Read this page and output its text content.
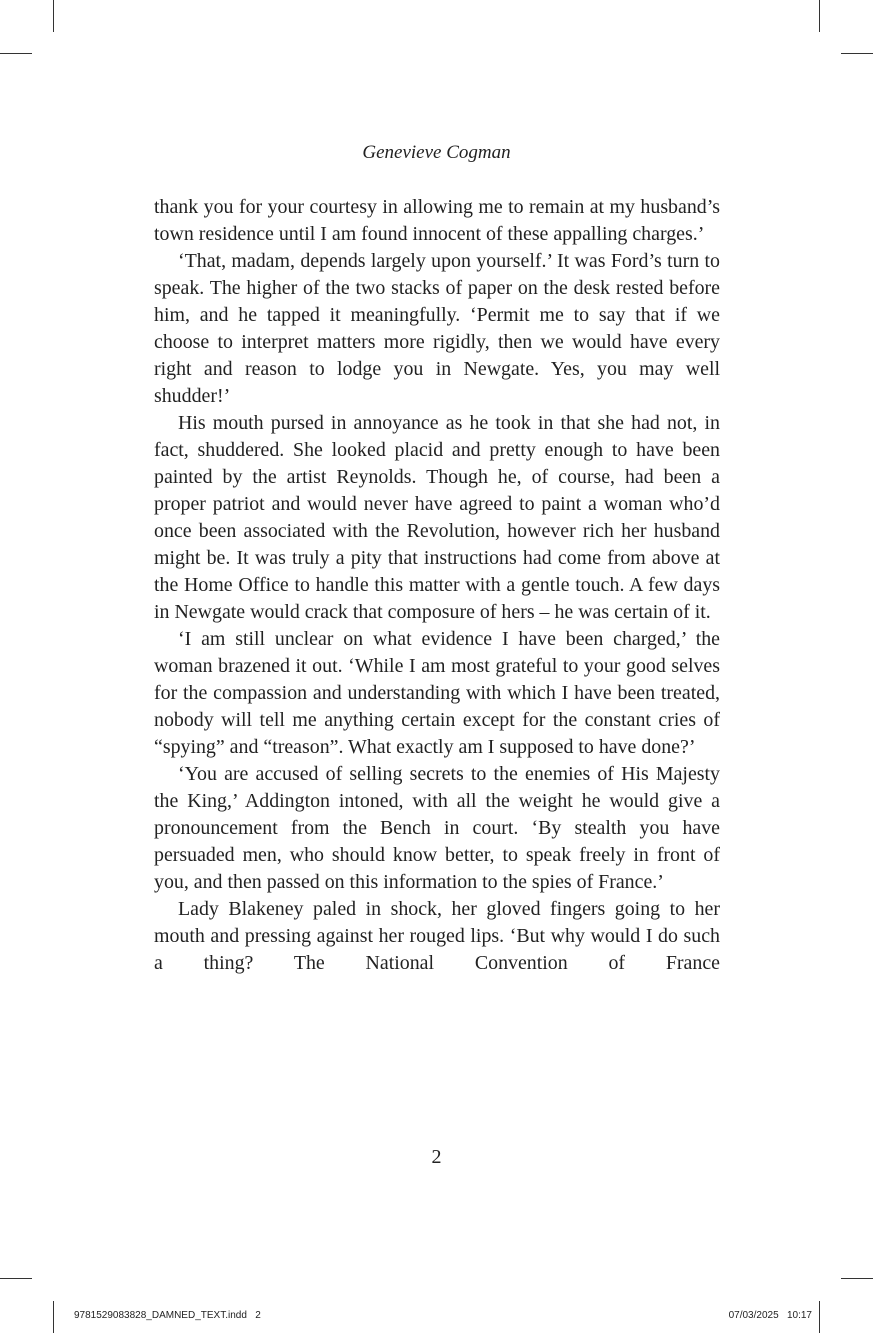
Genevieve Cogman

thank you for your courtesy in allowing me to remain at my husband’s town residence until I am found innocent of these appalling charges.’

‘That, madam, depends largely upon yourself.’ It was Ford’s turn to speak. The higher of the two stacks of paper on the desk rested before him, and he tapped it meaningfully. ‘Permit me to say that if we choose to interpret matters more rigidly, then we would have every right and reason to lodge you in Newgate. Yes, you may well shudder!’

His mouth pursed in annoyance as he took in that she had not, in fact, shuddered. She looked placid and pretty enough to have been painted by the artist Reynolds. Though he, of course, had been a proper patriot and would never have agreed to paint a woman who’d once been associated with the Revolution, however rich her husband might be. It was truly a pity that instructions had come from above at the Home Office to handle this matter with a gentle touch. A few days in Newgate would crack that composure of hers – he was certain of it.

‘I am still unclear on what evidence I have been charged,’ the woman brazened it out. ‘While I am most grateful to your good selves for the compassion and understanding with which I have been treated, nobody will tell me anything certain except for the constant cries of “spying” and “treason”. What exactly am I supposed to have done?’

‘You are accused of selling secrets to the enemies of His Majesty the King,’ Addington intoned, with all the weight he would give a pronouncement from the Bench in court. ‘By stealth you have persuaded men, who should know better, to speak freely in front of you, and then passed on this information to the spies of France.’

Lady Blakeney paled in shock, her gloved fingers going to her mouth and pressing against her rouged lips. ‘But why would I do such a thing? The National Convention of France

2
9781529083828_DAMNED_TEXT.indd   2	07/03/2025   10:17
